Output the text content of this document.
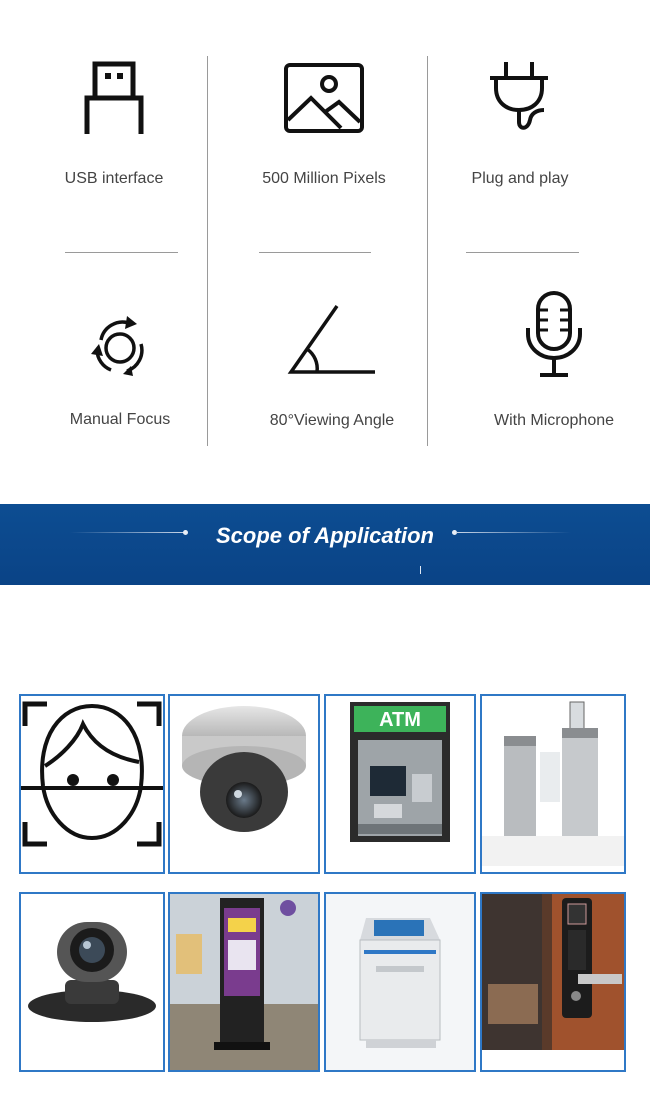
USB interface	500 Million Pixels	Plug and play
Manual Focus	80°Viewing Angle	With Microphone
Scope of Application
ATM
